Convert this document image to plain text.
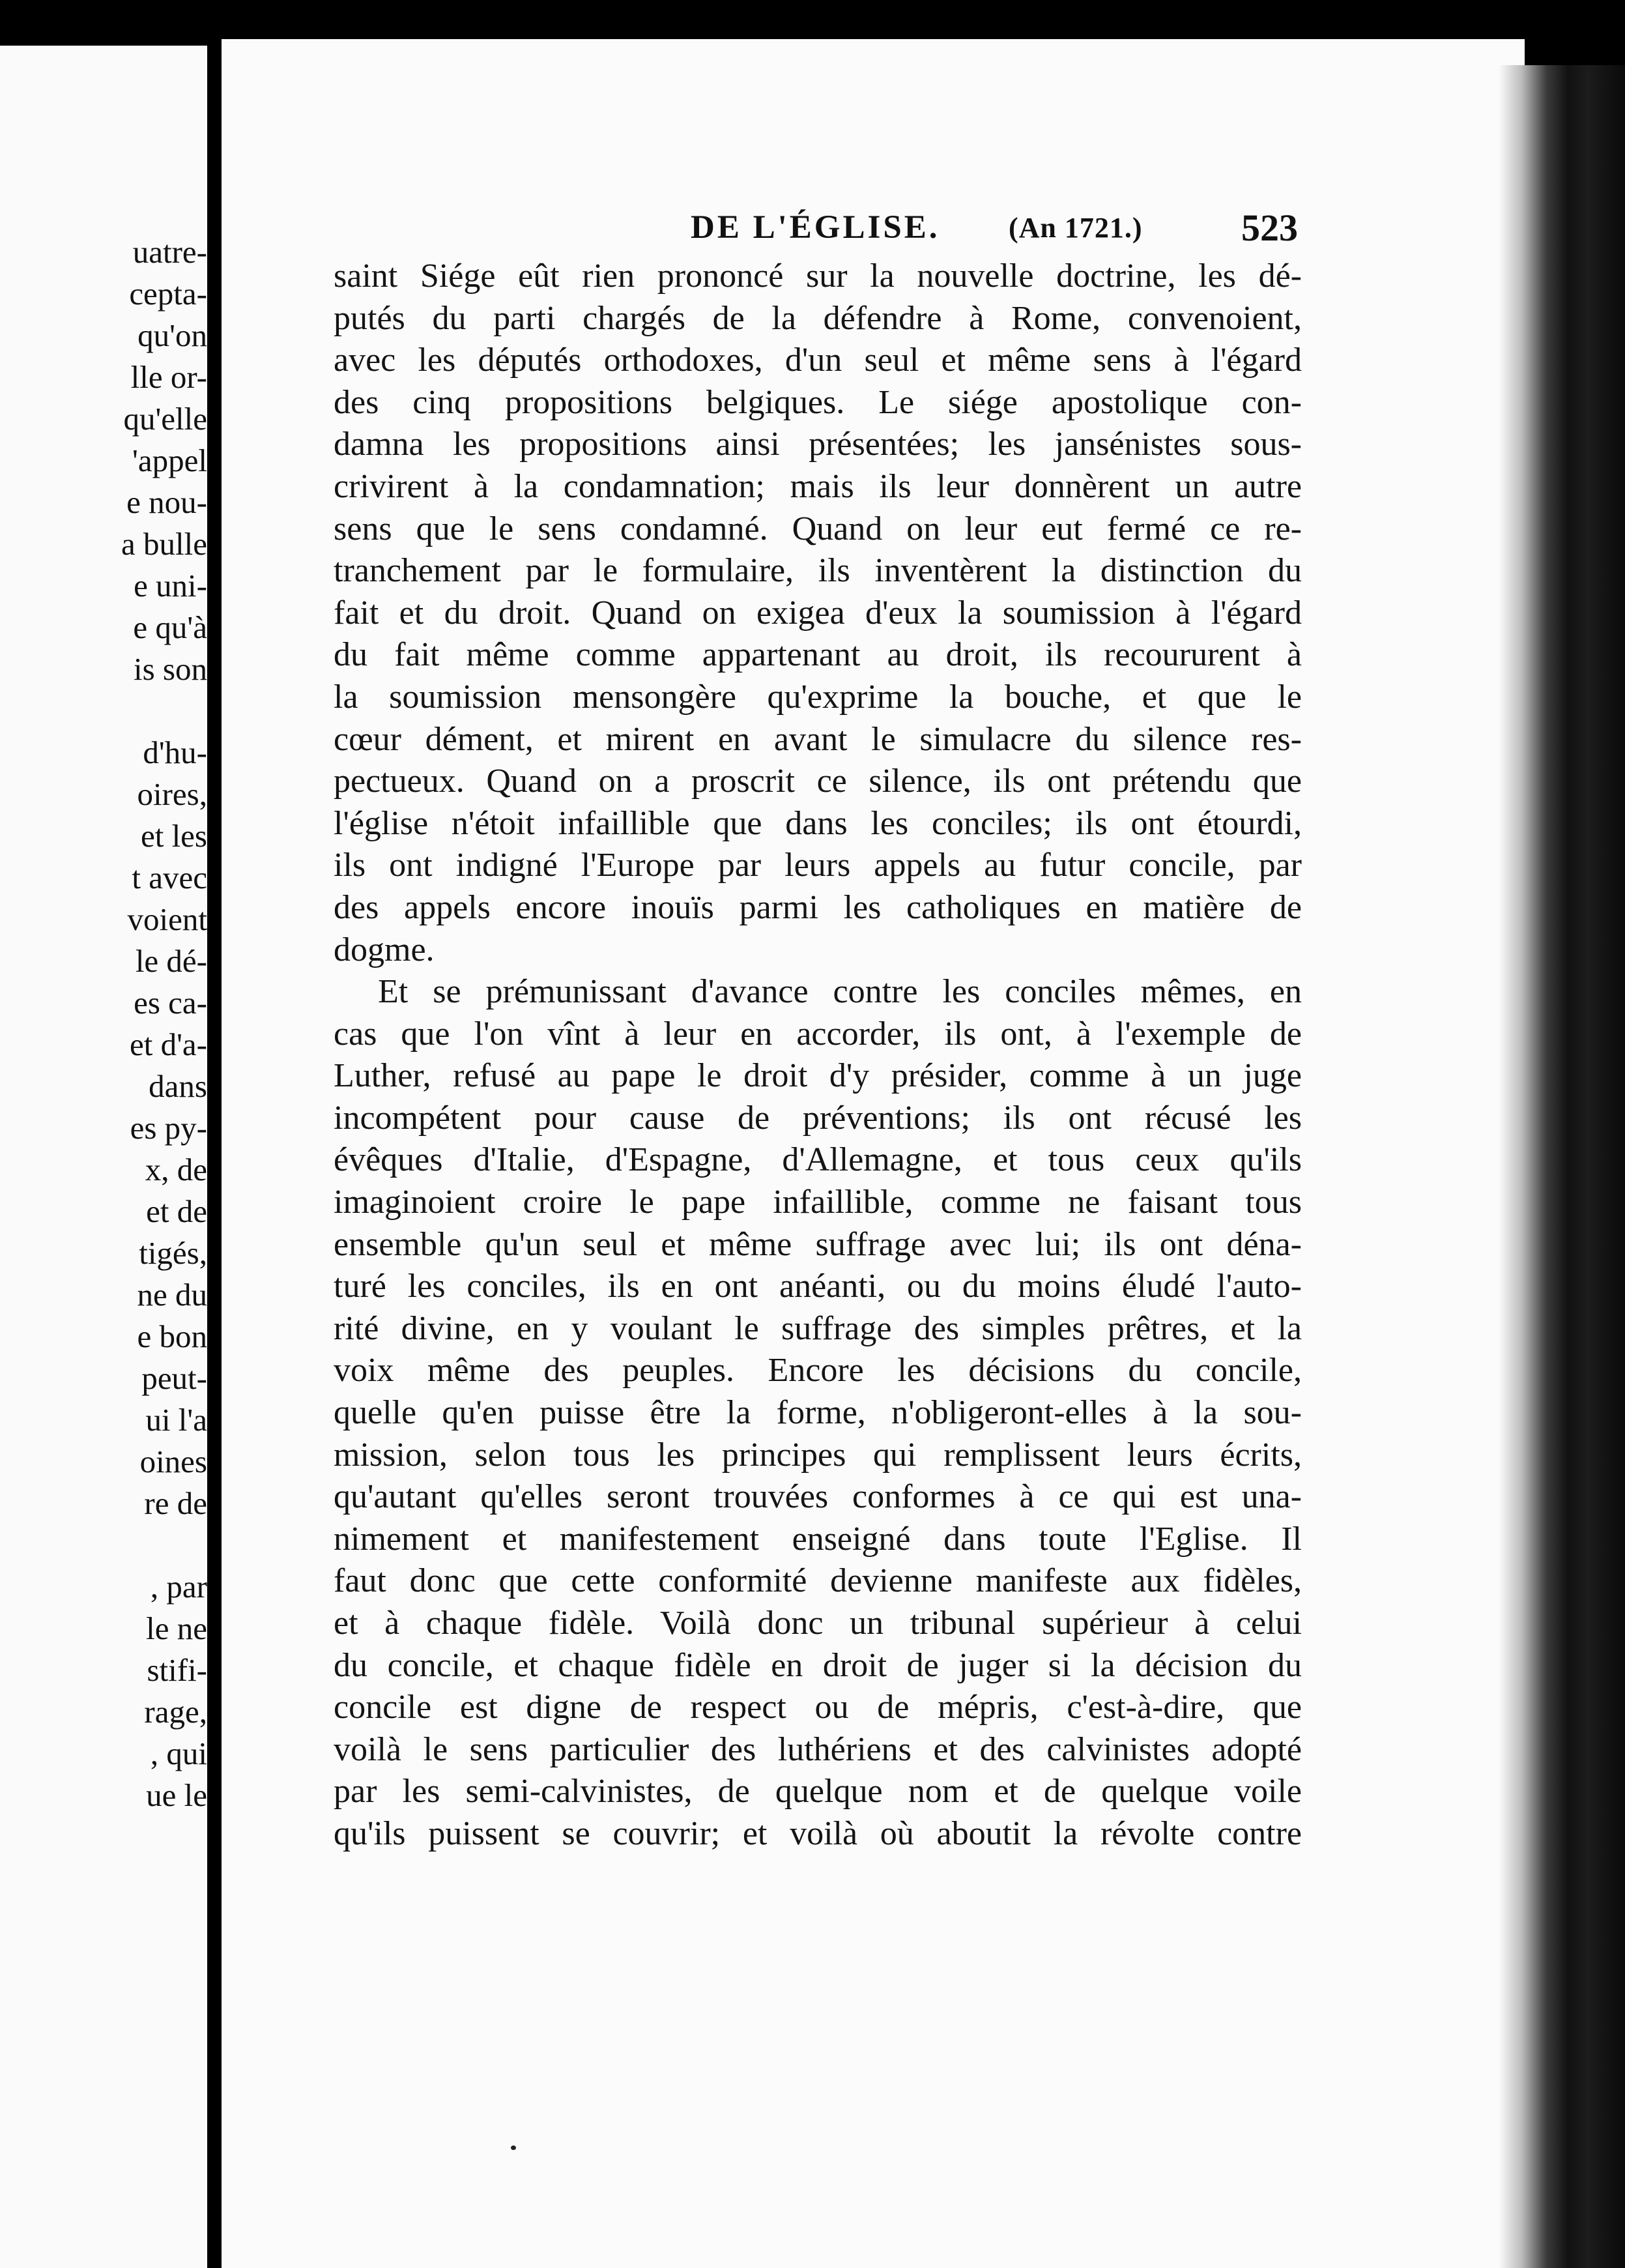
uatre-
cepta-
qu'on
lle or-
qu'elle
'appel
e nou-
a bulle
e uni-
e qu'à
is son
d'hu-
oires,
et les
t avec
voient
le dé-
es ca-
et d'a-
dans
es py-
x, de
et de
tigés,
ne du
e bon
peut-
ui l'a
oines
re de
, par
le ne
stifi-
rage,
, qui
ue le
DE L'ÉGLISE. (An 1721.)	523
saint Siége eût rien prononcé sur la nouvelle doctrine, les dé-
putés du parti chargés de la défendre à Rome, convenoient,
avec les députés orthodoxes, d'un seul et même sens à l'égard
des cinq propositions belgiques. Le siége apostolique con-
damna les propositions ainsi présentées; les jansénistes sous-
crivirent à la condamnation; mais ils leur donnèrent un autre
sens que le sens condamné. Quand on leur eut fermé ce re-
tranchement par le formulaire, ils inventèrent la distinction du
fait et du droit. Quand on exigea d'eux la soumission à l'égard
du fait même comme appartenant au droit, ils recoururent à
la soumission mensongère qu'exprime la bouche, et que le
cœur dément, et mirent en avant le simulacre du silence res-
pectueux. Quand on a proscrit ce silence, ils ont prétendu que
l'église n'étoit infaillible que dans les conciles; ils ont étourdi,
ils ont indigné l'Europe par leurs appels au futur concile, par
des appels encore inouïs parmi les catholiques en matière de
dogme.
Et se prémunissant d'avance contre les conciles mêmes, en
cas que l'on vînt à leur en accorder, ils ont, à l'exemple de
Luther, refusé au pape le droit d'y présider, comme à un juge
incompétent pour cause de préventions; ils ont récusé les
évêques d'Italie, d'Espagne, d'Allemagne, et tous ceux qu'ils
imaginoient croire le pape infaillible, comme ne faisant tous
ensemble qu'un seul et même suffrage avec lui; ils ont déna-
turé les conciles, ils en ont anéanti, ou du moins éludé l'auto-
rité divine, en y voulant le suffrage des simples prêtres, et la
voix même des peuples. Encore les décisions du concile,
quelle qu'en puisse être la forme, n'obligeront-elles à la sou-
mission, selon tous les principes qui remplissent leurs écrits,
qu'autant qu'elles seront trouvées conformes à ce qui est una-
nimement et manifestement enseigné dans toute l'Eglise. Il
faut donc que cette conformité devienne manifeste aux fidèles,
et à chaque fidèle. Voilà donc un tribunal supérieur à celui
du concile, et chaque fidèle en droit de juger si la décision du
concile est digne de respect ou de mépris, c'est-à-dire, que
voilà le sens particulier des luthériens et des calvinistes adopté
par les semi-calvinistes, de quelque nom et de quelque voile
qu'ils puissent se couvrir; et voilà où aboutit la révolte contre
